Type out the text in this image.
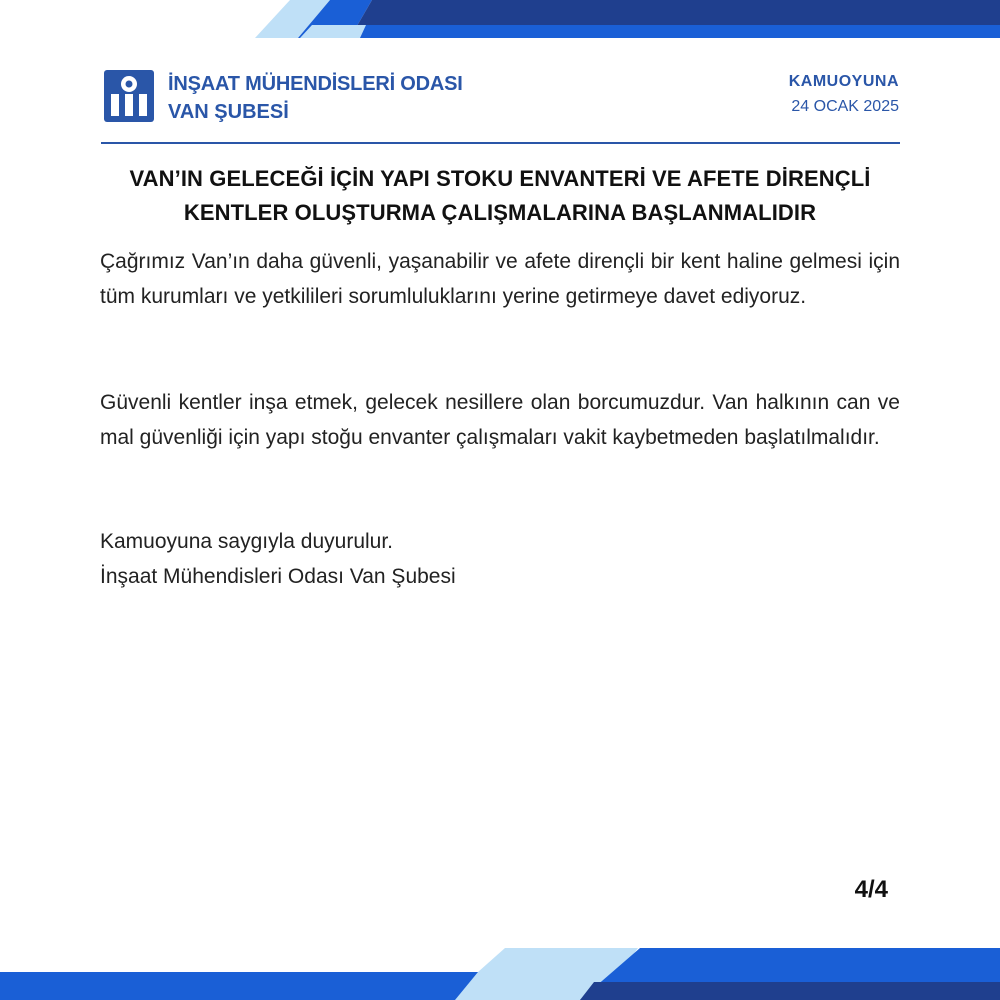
İNŞAAT MÜHENDİSLERİ ODASI
VAN ŞUBESİ
KAMUOYUNA
24 OCAK 2025
VAN’IN GELECEĞİ İÇİN YAPI STOKU ENVANTERİ VE AFETE DİRENÇLİ
KENTLER OLUŞTURMA ÇALIŞMALARINA BAŞLANMALIDIR
Çağrımız Van’ın daha güvenli, yaşanabilir ve afete dirençli bir kent haline gelmesi için tüm kurumları ve yetkilileri sorumluluklarını yerine getirmeye davet ediyoruz.
Güvenli kentler inşa etmek, gelecek nesillere olan borcumuzdur. Van halkının can ve mal güvenliği için yapı stoğu envanter çalışmaları vakit kaybetmeden başlatılmalıdır.
Kamuoyuna saygıyla duyurulur.
İnşaat Mühendisleri Odası Van Şubesi
4/4
